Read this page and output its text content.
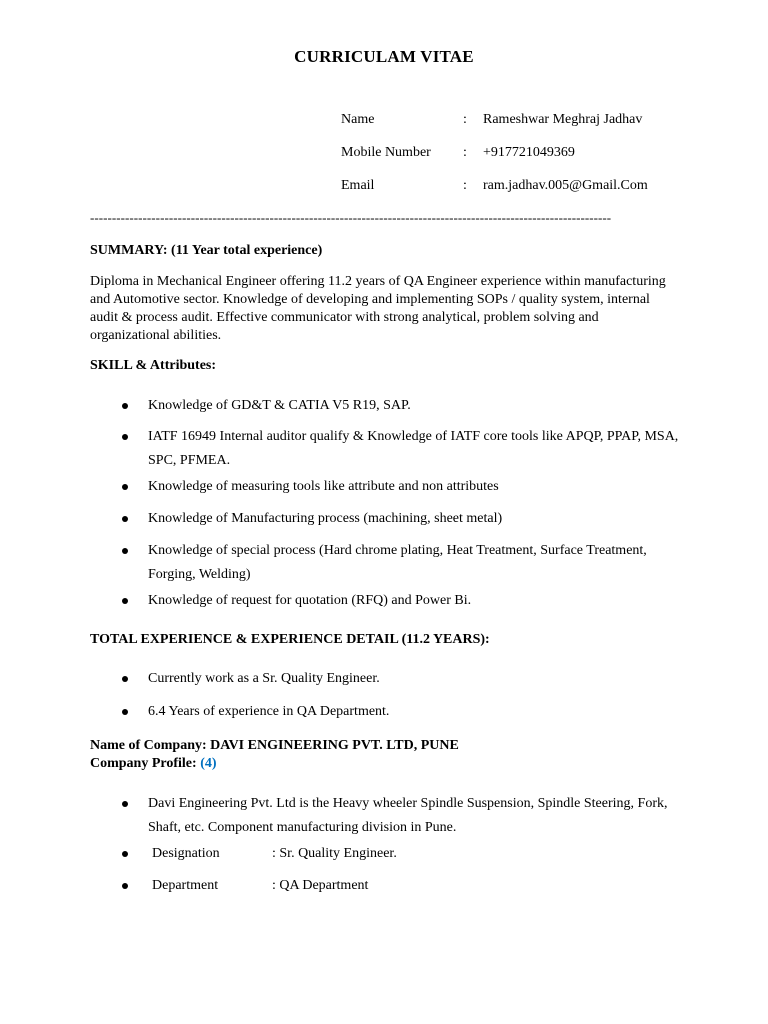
CURRICULAM VITAE
Name	: Rameshwar Meghraj Jadhav
Mobile Number : +917721049369
Email	: ram.jadhav.005@Gmail.Com
-----------------------------------------------------------------------------------------------------------------------
SUMMARY: (11 Year total experience)
Diploma in Mechanical Engineer offering 11.2 years of QA Engineer experience within manufacturing and Automotive sector. Knowledge of developing and implementing SOPs / quality system, internal audit & process audit. Effective communicator with strong analytical, problem solving and organizational abilities.
SKILL & Attributes:
Knowledge of GD&T & CATIA V5 R19, SAP.
IATF 16949 Internal auditor qualify & Knowledge of IATF core tools like APQP, PPAP, MSA, SPC, PFMEA.
Knowledge of measuring tools like attribute and non attributes
Knowledge of Manufacturing process (machining, sheet metal)
Knowledge of special process (Hard chrome plating, Heat Treatment, Surface Treatment, Forging, Welding)
Knowledge of request for quotation (RFQ) and Power Bi.
TOTAL EXPERIENCE & EXPERIENCE DETAIL (11.2 YEARS):
Currently work as a Sr. Quality Engineer.
6.4 Years of experience in QA Department.
Name of Company: DAVI ENGINEERING PVT. LTD, PUNE
Company Profile: (4)
Davi Engineering Pvt. Ltd is the Heavy wheeler Spindle Suspension, Spindle Steering, Fork, Shaft, etc. Component manufacturing division in Pune.
Designation	: Sr. Quality Engineer.
Department	: QA Department
